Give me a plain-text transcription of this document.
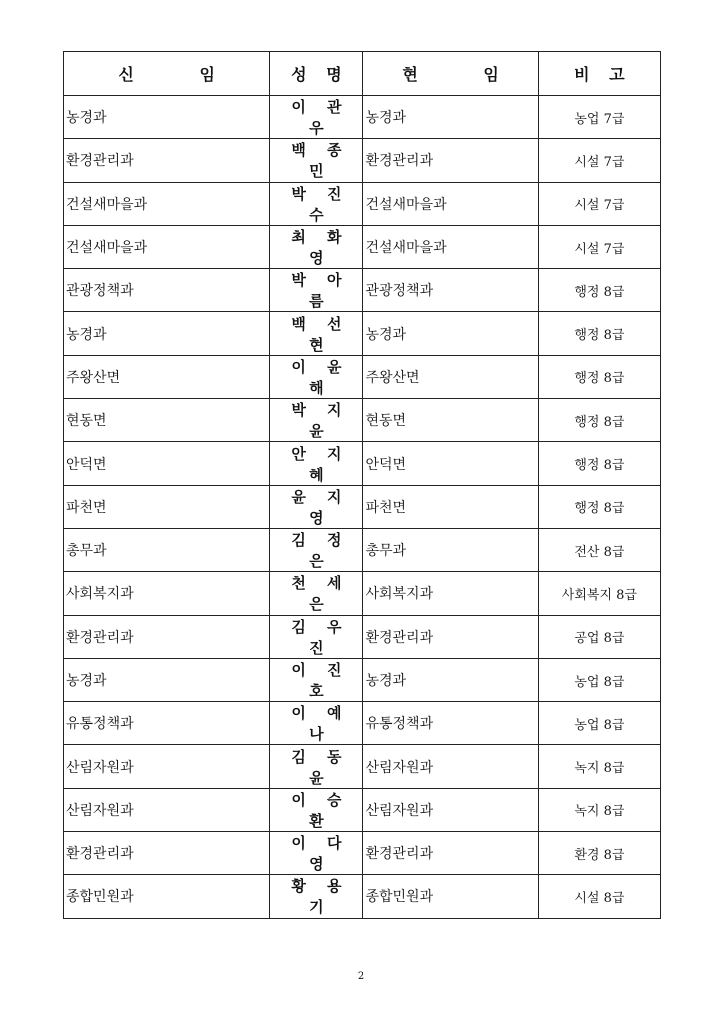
신 임	성 명	현 임	비 고
농경과	이 관 우	농경과	농업 7급
환경관리과	백 종 민	환경관리과	시설 7급
건설새마을과	박 진 수	건설새마을과	시설 7급
건설새마을과	최 화 영	건설새마을과	시설 7급
관광정책과	박 아 름	관광정책과	행정 8급
농경과	백 선 현	농경과	행정 8급
주왕산면	이 윤 해	주왕산면	행정 8급
현동면	박 지 윤	현동면	행정 8급
안덕면	안 지 혜	안덕면	행정 8급
파천면	윤 지 영	파천면	행정 8급
총무과	김 정 은	총무과	전산 8급
사회복지과	천 세 은	사회복지과	사회복지 8급
환경관리과	김 우 진	환경관리과	공업 8급
농경과	이 진 호	농경과	농업 8급
유통정책과	이 예 나	유통정책과	농업 8급
산림자원과	김 동 윤	산림자원과	녹지 8급
산림자원과	이 승 환	산림자원과	녹지 8급
환경관리과	이 다 영	환경관리과	환경 8급
종합민원과	황 용 기	종합민원과	시설 8급
2
